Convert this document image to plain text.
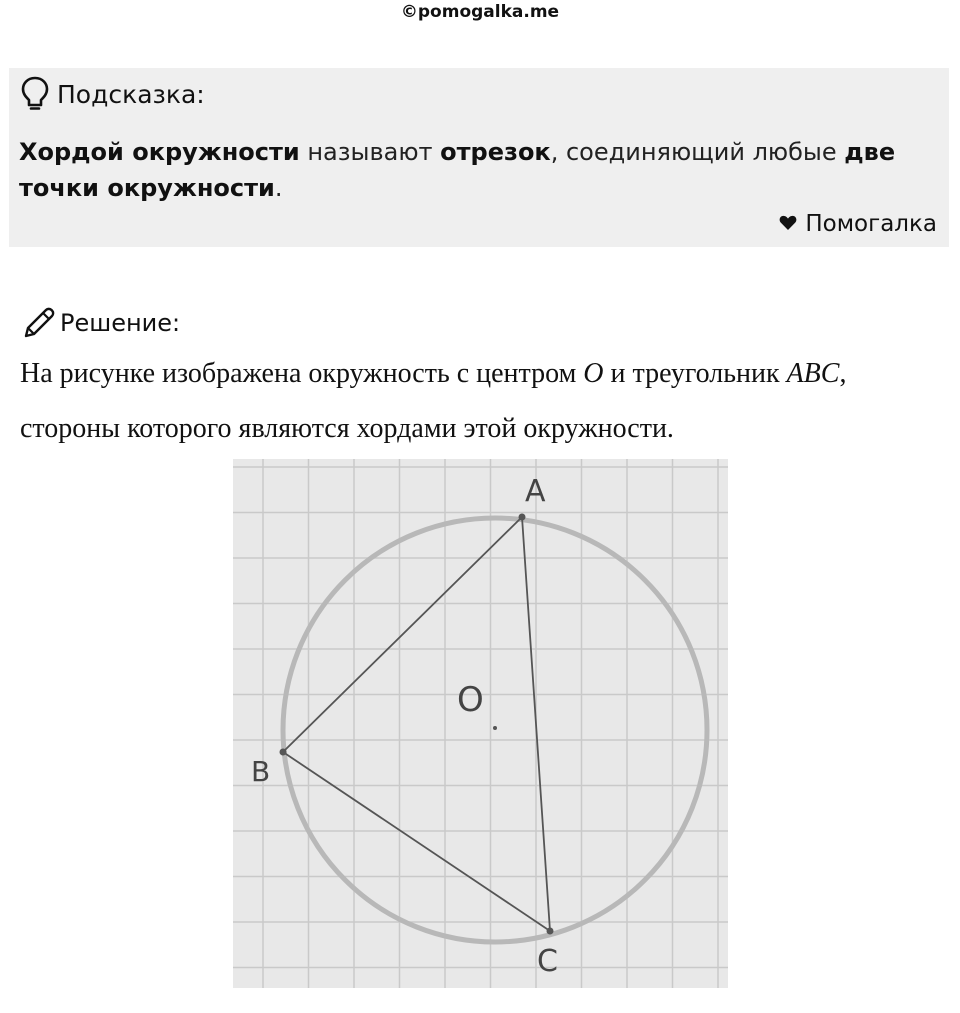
©pomogalka.me
Подсказка:
Хордой окружности называют отрезок, соединяющий любые две точки окружности.
Помогалка
Решение:
На рисунке изображена окружность с центром O и треугольник ABC, стороны которого являются хордами этой окружности.
A
B
C
O
